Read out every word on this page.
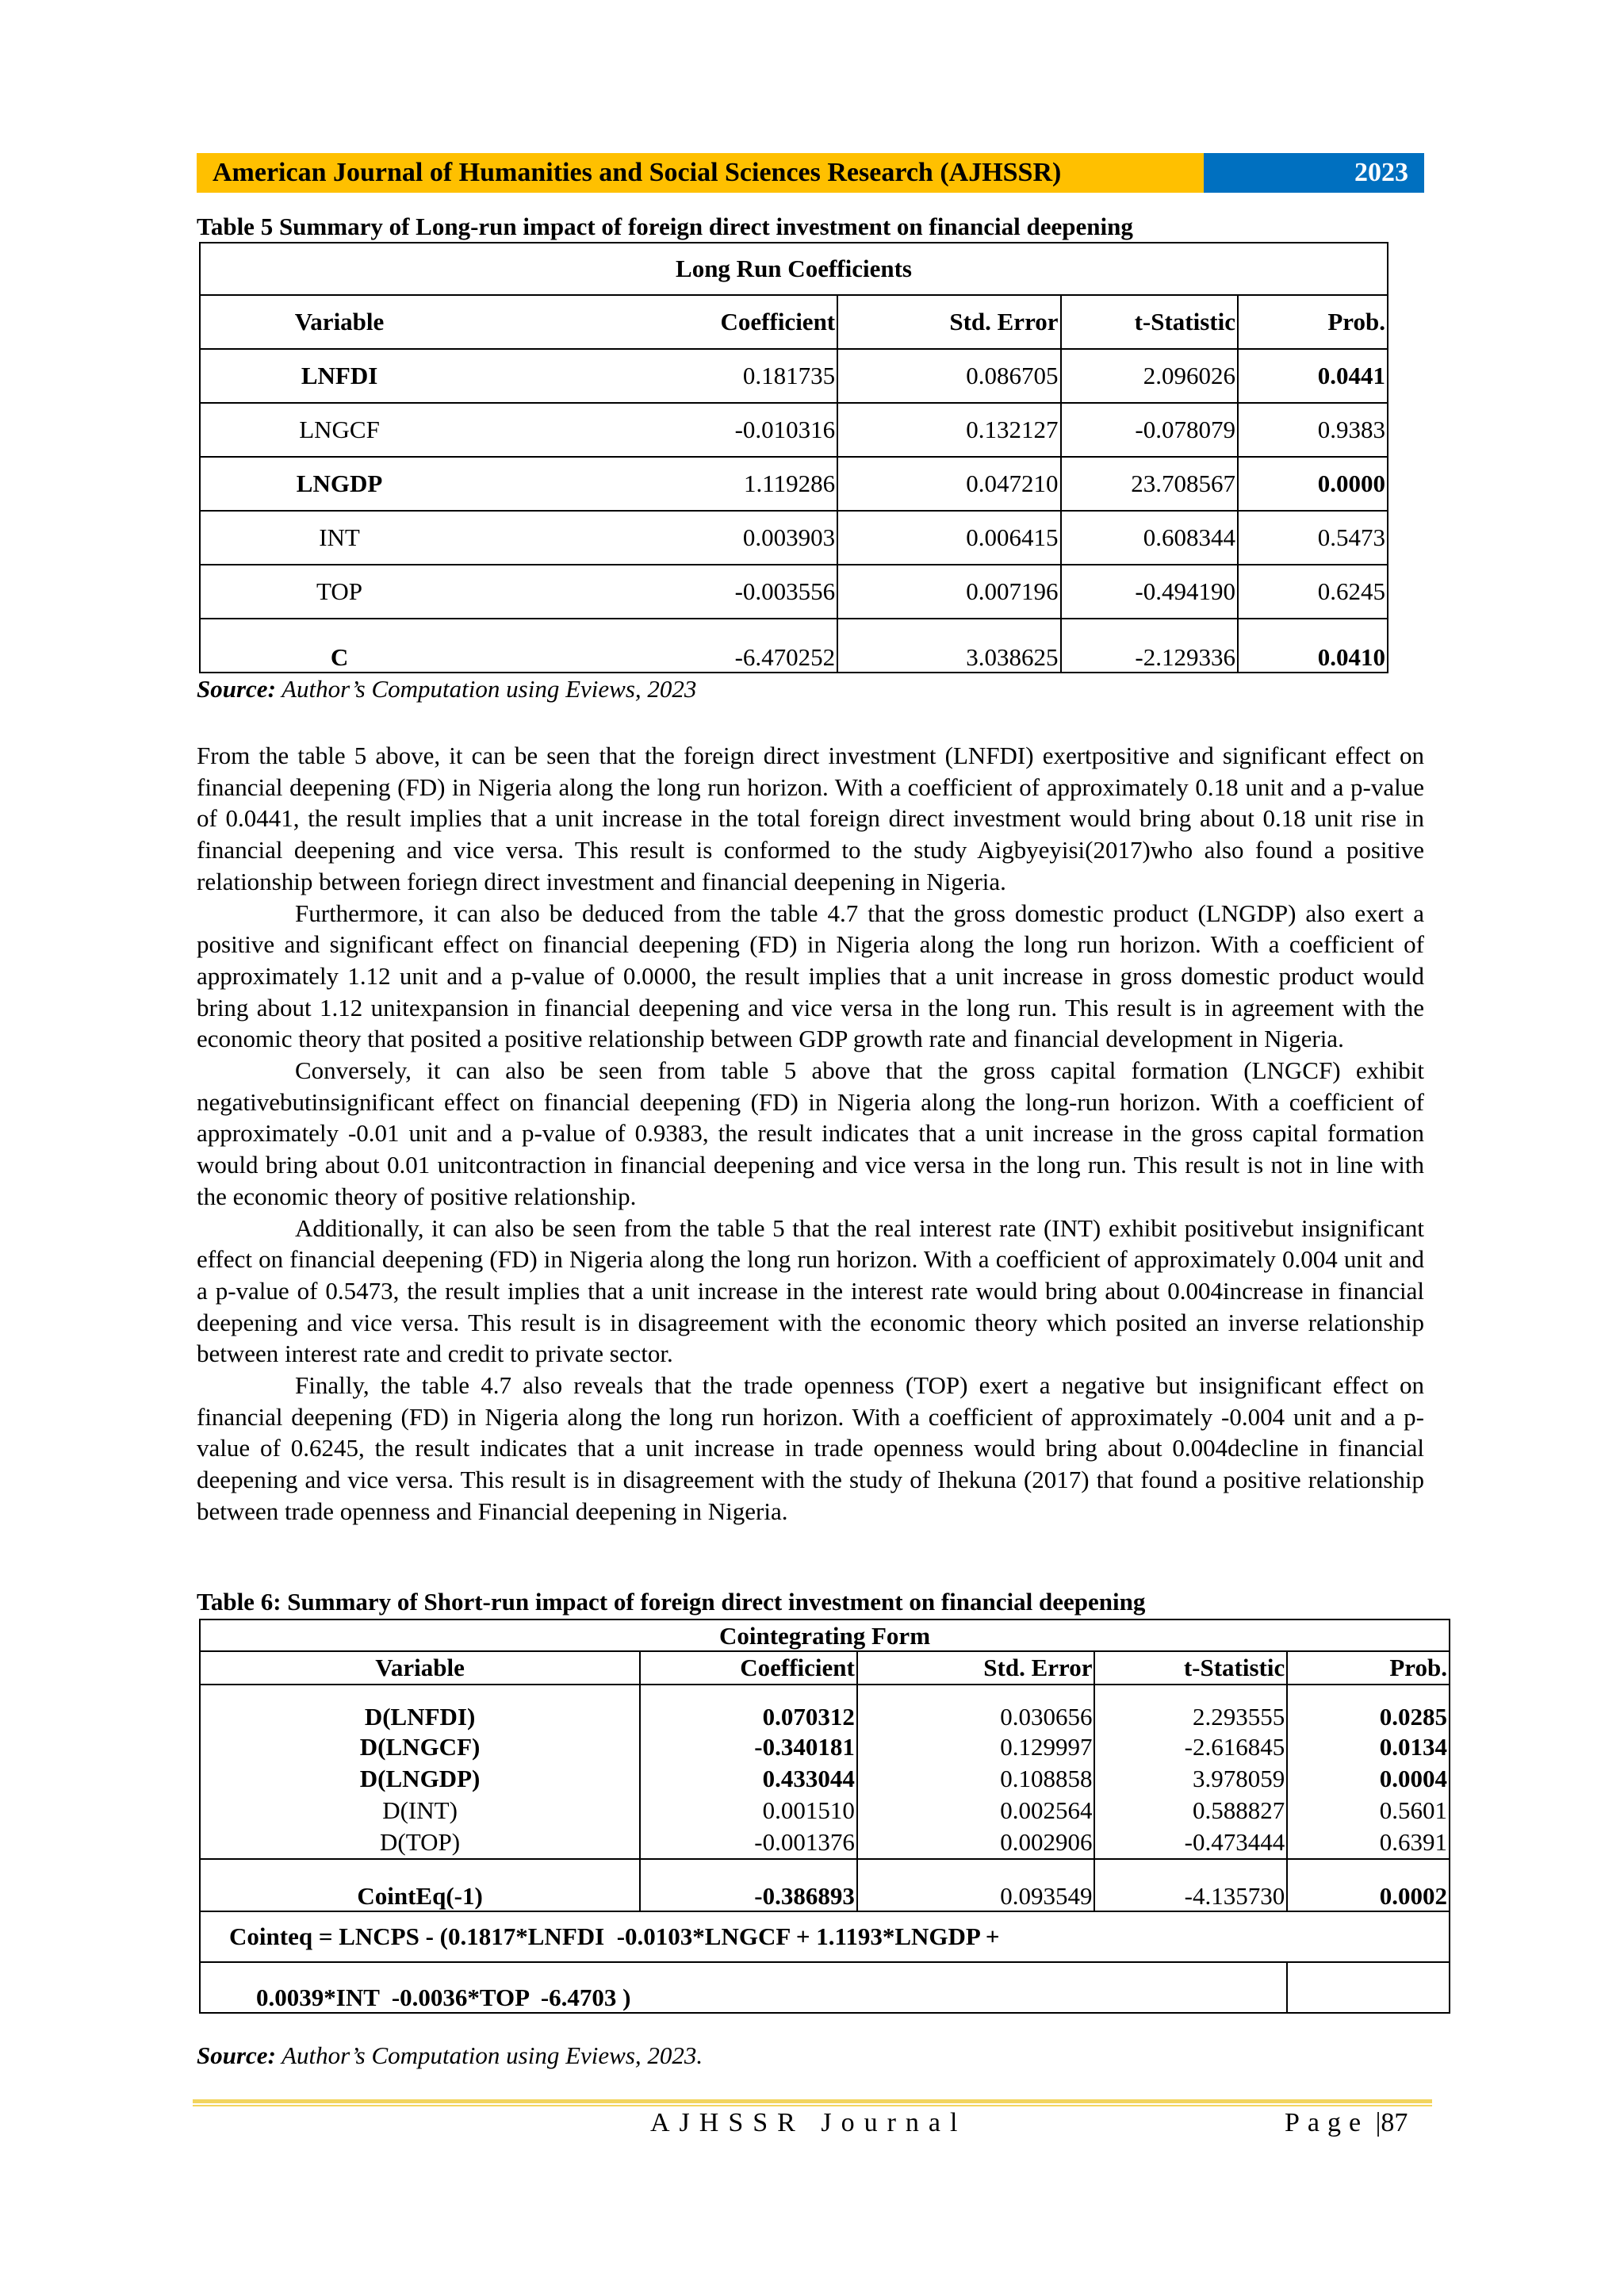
American Journal of Humanities and Social Sciences Research (AJHSSR)	2023
Table 5 Summary of Long-run impact of foreign direct investment on financial deepening
Long Run Coefficients				
Variable	Coefficient	Std. Error	t-Statistic	Prob.
LNFDI	0.181735	0.086705	2.096026	0.0441
LNGCF	-0.010316	0.132127	-0.078079	0.9383
LNGDP	1.119286	0.047210	23.708567	0.0000
INT	0.003903	0.006415	0.608344	0.5473
TOP	-0.003556	0.007196	-0.494190	0.6245
C	-6.470252	3.038625	-2.129336	0.0410
Source: Author’s Computation using Eviews, 2023

From the table 5 above, it can be seen that the foreign direct investment (LNFDI) exertpositive and significant effect on financial deepening (FD) in Nigeria along the long run horizon. With a coefficient of approximately 0.18 unit and a p-value of 0.0441, the result implies that a unit increase in the total foreign direct investment would bring about 0.18 unit rise in financial deepening and vice versa. This result is conformed to the study Aigbyeyisi(2017)who also found a positive relationship between foriegn direct investment and financial deepening in Nigeria.

Furthermore, it can also be deduced from the table 4.7 that the gross domestic product (LNGDP) also exert a positive and significant effect on financial deepening (FD) in Nigeria along the long run horizon. With a coefficient of approximately 1.12 unit and a p-value of 0.0000, the result implies that a unit increase in gross domestic product would bring about 1.12 unitexpansion in financial deepening and vice versa in the long run. This result is in agreement with the economic theory that posited a positive relationship between GDP growth rate and financial development in Nigeria.

Conversely, it can also be seen from table 5 above that the gross capital formation (LNGCF) exhibit negativebutinsignificant effect on financial deepening (FD) in Nigeria along the long-run horizon. With a coefficient of approximately -0.01 unit and a p-value of 0.9383, the result indicates that a unit increase in the gross capital formation would bring about 0.01 unitcontraction in financial deepening and vice versa in the long run. This result is not in line with the economic theory of positive relationship.

Additionally, it can also be seen from the table 5 that the real interest rate (INT) exhibit positivebut insignificant effect on financial deepening (FD) in Nigeria along the long run horizon. With a coefficient of approximately 0.004 unit and a p-value of 0.5473, the result implies that a unit increase in the interest rate would bring about 0.004increase in financial deepening and vice versa. This result is in disagreement with the economic theory which posited an inverse relationship between interest rate and credit to private sector.

Finally, the table 4.7 also reveals that the trade openness (TOP) exert a negative but insignificant effect on financial deepening (FD) in Nigeria along the long run horizon. With a coefficient of approximately -0.004 unit and a p-value of 0.6245, the result indicates that a unit increase in trade openness would bring about 0.004decline in financial deepening and vice versa. This result is in disagreement with the study of Ihekuna (2017) that found a positive relationship between trade openness and Financial deepening in Nigeria.

Table 6: Summary of Short-run impact of foreign direct investment on financial deepening
Cointegrating Form				
Variable	Coefficient	Std. Error	t-Statistic	Prob.
D(LNFDI)	0.070312	0.030656	2.293555	0.0285
D(LNGCF)	-0.340181	0.129997	-2.616845	0.0134
D(LNGDP)	0.433044	0.108858	3.978059	0.0004
D(INT)	0.001510	0.002564	0.588827	0.5601
D(TOP)	-0.001376	0.002906	-0.473444	0.6391
CointEq(-1)	-0.386893	0.093549	-4.135730	0.0002
Cointeq = LNCPS - (0.1817*LNFDI  -0.0103*LNGCF + 1.1193*LNGDP +				
0.0039*INT  -0.0036*TOP  -6.4703 )				
Source: Author’s Computation using Eviews, 2023.
AJHSSR Journal	Page |87
